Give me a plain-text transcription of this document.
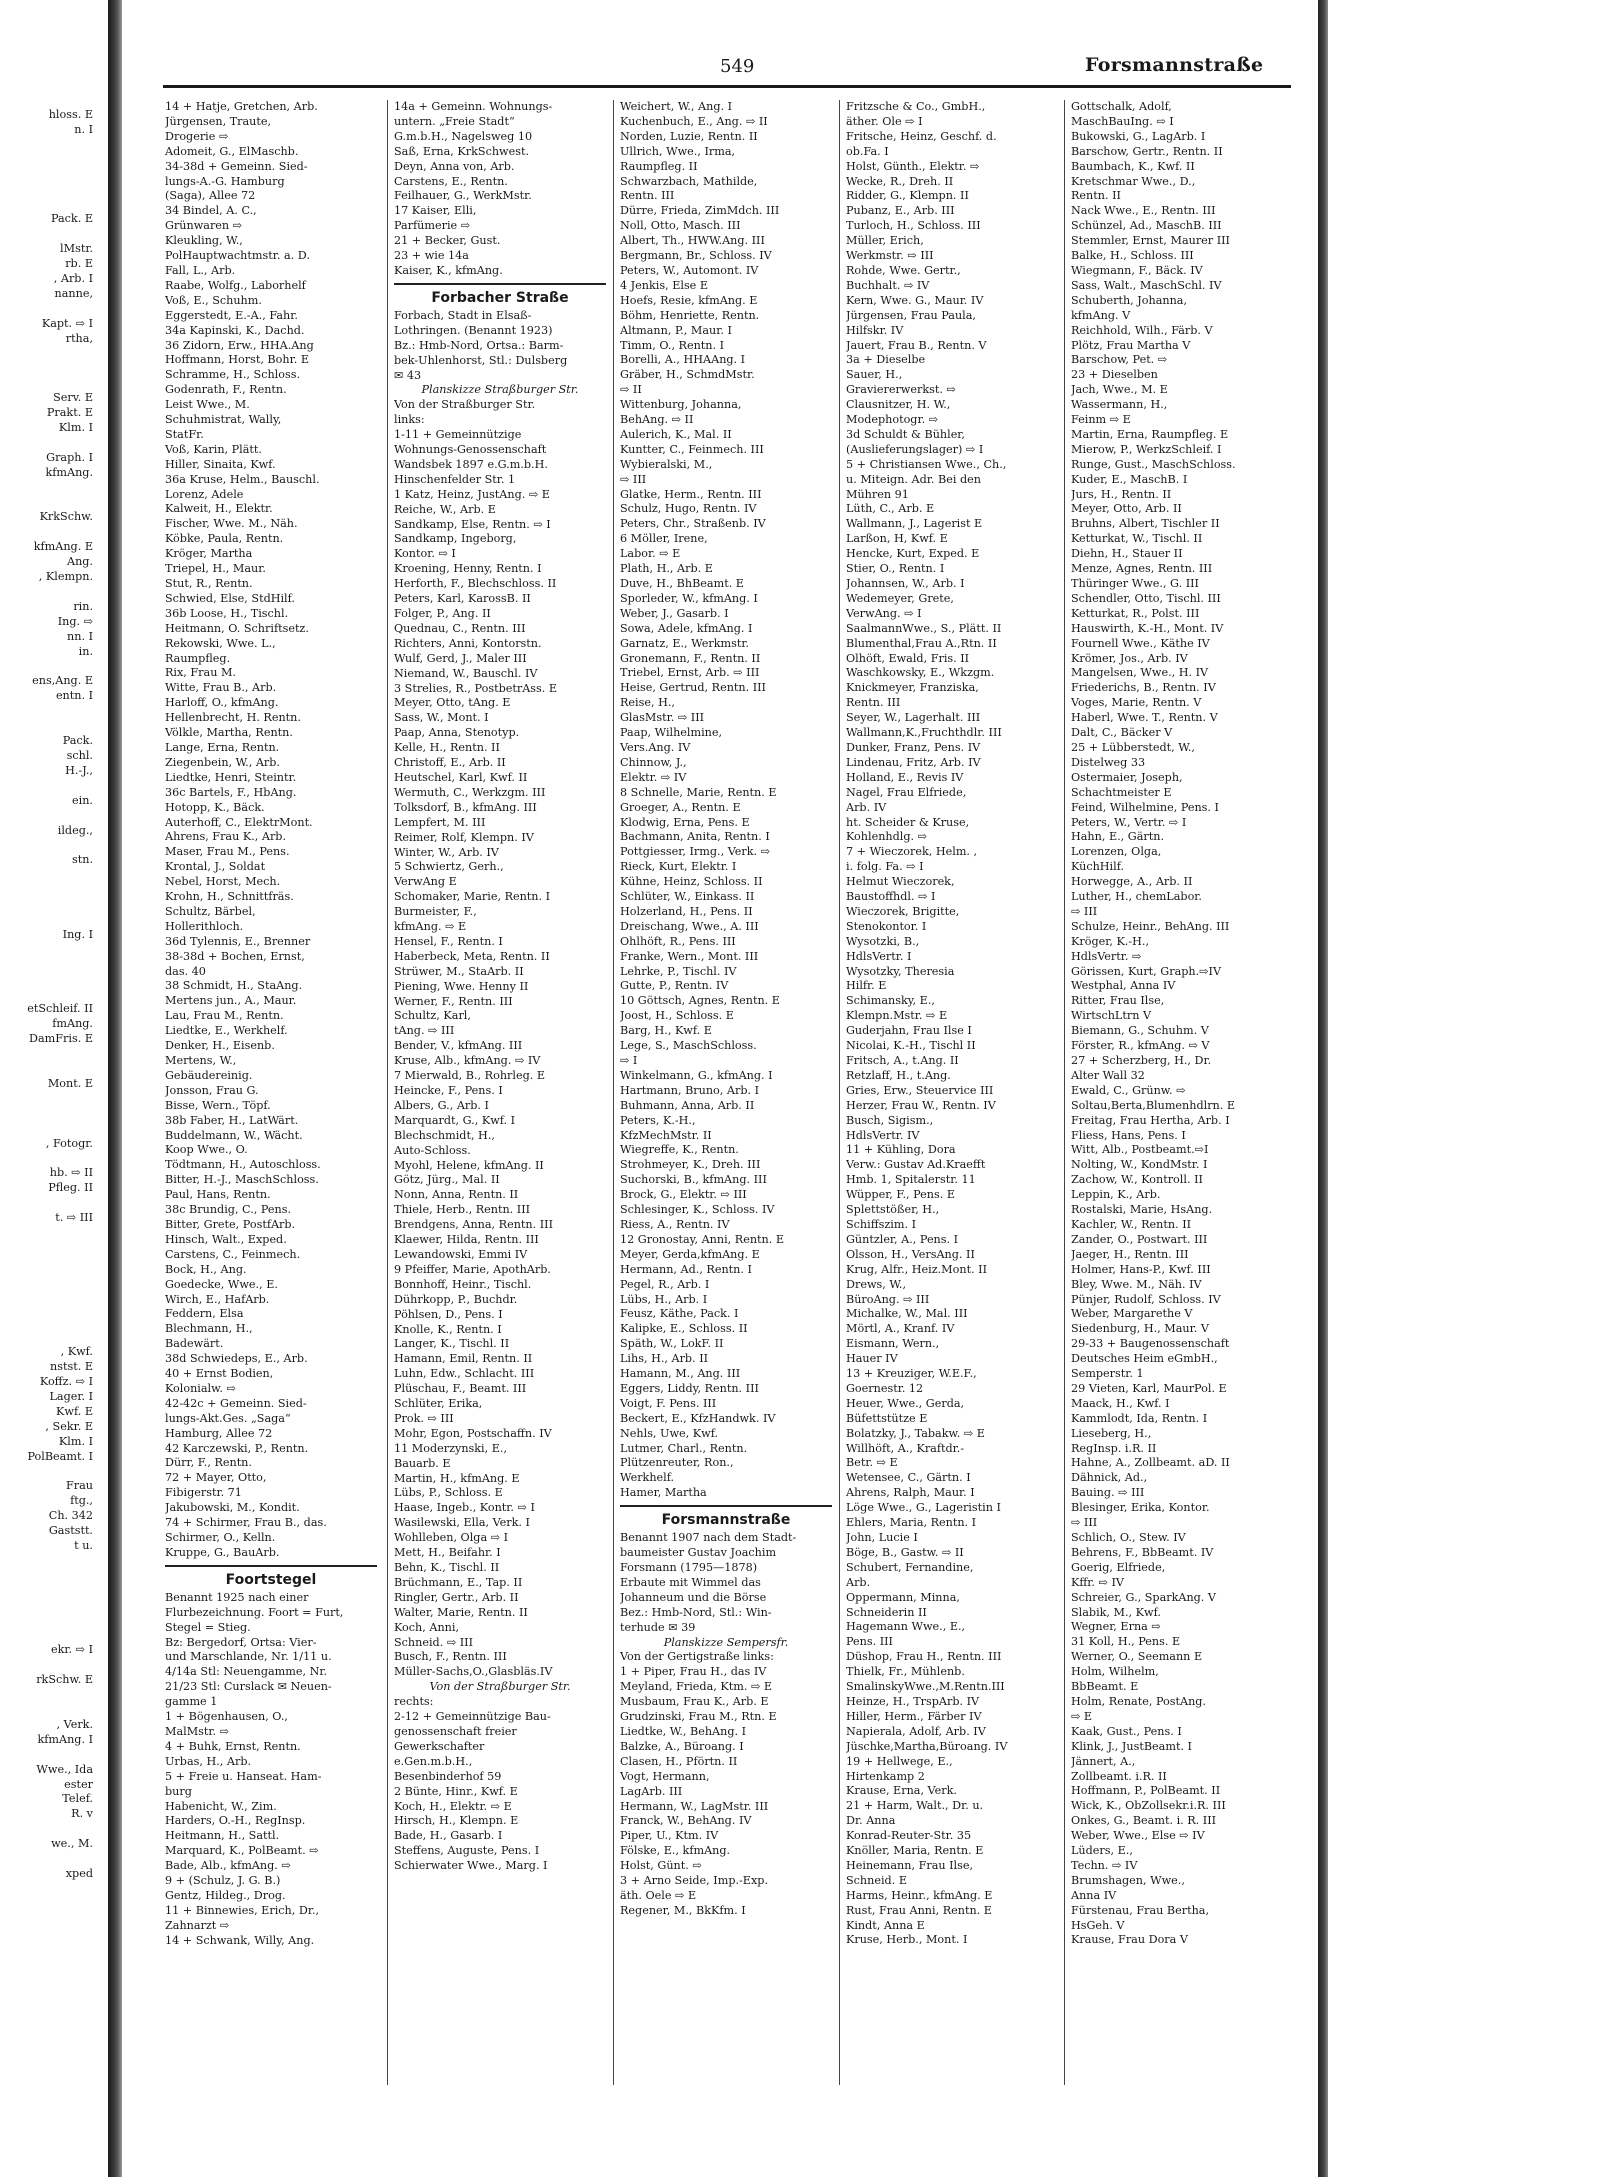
hloss. E
n. I

Pack. E

lMstr.
rb. E
, Arb. I
nanne,

Kapt. ⇨ I
rtha,

Serv. E
Prakt. E
Klm. I

Graph. I
kfmAng.

KrkSchw.

kfmAng. E
Ang.
, Klempn.

rin.
Ing. ⇨
nn. I
in.

ens,Ang. E
entn. I

Pack.
schl.
H.-J.,

ein.

ildeg.,

stn.

Ing. I

etSchleif. II
fmAng.
DamFris. E

Mont. E

, Fotogr.

hb. ⇨ II
Pfleg. II

t. ⇨ III

, Kwf.
nstst. E
Koffz. ⇨ I
Lager. I
Kwf. E
, Sekr. E
Klm. I
PolBeamt. I

Frau
ftg.,
Ch. 342
Gaststt.
t u.

ekr. ⇨ I

rkSchw. E

, Verk.
kfmAng. I

Wwe., Ida
ester
Telef.
R. v

we., M.

xped
549	Forsmannstraße
14 + Hatje, Gretchen, Arb.
Jürgensen, Traute,
Drogerie ⇨
Adomeit, G., ElMaschb.
34-38d + Gemeinn. Sied-
lungs-A.-G. Hamburg
(Saga), Allee 72
34 Bindel, A. C.,
Grünwaren ⇨
Kleukling, W.,
PolHauptwachtmstr. a. D.
Fall, L., Arb.
Raabe, Wolfg., Laborhelf
Voß, E., Schuhm.
Eggerstedt, E.-A., Fahr.
34a Kapinski, K., Dachd.
36 Zidorn, Erw., HHA.Ang
Hoffmann, Horst, Bohr. E
Schramme, H., Schloss.
Godenrath, F., Rentn.
Leist Wwe., M.
Schuhmistrat, Wally,
StatFr.
Voß, Karin, Plätt.
Hiller, Sinaita, Kwf.
36a Kruse, Helm., Bauschl.
Lorenz, Adele
Kalweit, H., Elektr.
Fischer, Wwe. M., Näh.
Köbke, Paula, Rentn.
Kröger, Martha
Triepel, H., Maur.
Stut, R., Rentn.
Schwied, Else, StdHilf.
36b Loose, H., Tischl.
Heitmann, O. Schriftsetz.
Rekowski, Wwe. L.,
Raumpfleg.
Rix, Frau M.
Witte, Frau B., Arb.
Harloff, O., kfmAng.
Hellenbrecht, H. Rentn.
Völkle, Martha, Rentn.
Lange, Erna, Rentn.
Ziegenbein, W., Arb.
Liedtke, Henri, Steintr.
36c Bartels, F., HbAng.
Hotopp, K., Bäck.
Auterhoff, C., ElektrMont.
Ahrens, Frau K., Arb.
Maser, Frau M., Pens.
Krontal, J., Soldat
Nebel, Horst, Mech.
Krohn, H., Schnittfräs.
Schultz, Bärbel,
Hollerithloch.
36d Tylennis, E., Brenner
38-38d + Bochen, Ernst,
das. 40
38 Schmidt, H., StaAng.
Mertens jun., A., Maur.
Lau, Frau M., Rentn.
Liedtke, E., Werkhelf.
Denker, H., Eisenb.
Mertens, W.,
Gebäudereinig.
Jonsson, Frau G.
Bisse, Wern., Töpf.
38b Faber, H., LatWärt.
Buddelmann, W., Wächt.
Koop Wwe., O.
Tödtmann, H., Autoschloss.
Bitter, H.-J., MaschSchloss.
Paul, Hans, Rentn.
38c Brundig, C., Pens.
Bitter, Grete, PostfArb.
Hinsch, Walt., Exped.
Carstens, C., Feinmech.
Bock, H., Ang.
Goedecke, Wwe., E.
Wirch, E., HafArb.
Feddern, Elsa
Blechmann, H.,
Badewärt.
38d Schwiedeps, E., Arb.
40 + Ernst Bodien,
Kolonialw. ⇨
42-42c + Gemeinn. Sied-
lungs-Akt.Ges. „Saga“
Hamburg, Allee 72
42 Karczewski, P., Rentn.
Dürr, F., Rentn.
72 + Mayer, Otto,
Fibigerstr. 71
Jakubowski, M., Kondit.
74 + Schirmer, Frau B., das.
Schirmer, O., Kelln.
Kruppe, G., BauArb.
Foortstegel
Benannt 1925 nach einer
Flurbezeichnung. Foort = Furt,
Stegel = Stieg.
Bz: Bergedorf, Ortsa: Vier-
und Marschlande, Nr. 1/11 u.
4/14a Stl: Neuengamme, Nr.
21/23 Stl: Curslack ✉ Neuen-
gamme 1
1 + Bögenhausen, O.,
MalMstr. ⇨
4 + Buhk, Ernst, Rentn.
Urbas, H., Arb.
5 + Freie u. Hanseat. Ham-
burg
Habenicht, W., Zim.
Harders, O.-H., RegInsp.
Heitmann, H., Sattl.
Marquard, K., PolBeamt. ⇨
Bade, Alb., kfmAng. ⇨
9 + (Schulz, J. G. B.)
Gentz, Hildeg., Drog.
11 + Binnewies, Erich, Dr.,
Zahnarzt ⇨
14 + Schwank, Willy, Ang.
14a + Gemeinn. Wohnungs-
untern. „Freie Stadt“
G.m.b.H., Nagelsweg 10
Saß, Erna, KrkSchwest.
Deyn, Anna von, Arb.
Carstens, E., Rentn.
Feilhauer, G., WerkMstr.
17 Kaiser, Elli,
Parfümerie ⇨
21 + Becker, Gust.
23 + wie 14a
Kaiser, K., kfmAng.
Forbacher Straße
Forbach, Stadt in Elsaß-
Lothringen. (Benannt 1923)
Bz.: Hmb-Nord, Ortsa.: Barm-
bek-Uhlenhorst, Stl.: Dulsberg
✉ 43
Planskizze Straßburger Str.
Von der Straßburger Str.
links:
1-11 + Gemeinnützige
Wohnungs-Genossenschaft
Wandsbek 1897 e.G.m.b.H.
Hinschenfelder Str. 1
1 Katz, Heinz, JustAng. ⇨ E
Reiche, W., Arb. E
Sandkamp, Else, Rentn. ⇨ I
Sandkamp, Ingeborg,
Kontor. ⇨ I
Kroening, Henny, Rentn. I
Herforth, F., Blechschloss. II
Peters, Karl, KarossB. II
Folger, P., Ang. II
Quednau, C., Rentn. III
Richters, Anni, Kontorstn.
Wulf, Gerd, J., Maler III
Niemand, W., Bauschl. IV
3 Strelies, R., PostbetrAss. E
Meyer, Otto, tAng. E
Sass, W., Mont. I
Paap, Anna, Stenotyp.
Kelle, H., Rentn. II
Christoff, E., Arb. II
Heutschel, Karl, Kwf. II
Wermuth, C., Werkzgm. III
Tolksdorf, B., kfmAng. III
Lempfert, M. III
Reimer, Rolf, Klempn. IV
Winter, W., Arb. IV
5 Schwiertz, Gerh.,
VerwAng E
Schomaker, Marie, Rentn. I
Burmeister, F.,
kfmAng. ⇨ E
Hensel, F., Rentn. I
Haberbeck, Meta, Rentn. II
Strüwer, M., StaArb. II
Piening, Wwe. Henny II
Werner, F., Rentn. III
Schultz, Karl,
tAng. ⇨ III
Bender, V., kfmAng. III
Kruse, Alb., kfmAng. ⇨ IV
7 Mierwald, B., Rohrleg. E
Heincke, F., Pens. I
Albers, G., Arb. I
Marquardt, G., Kwf. I
Blechschmidt, H.,
Auto-Schloss.
Myohl, Helene, kfmAng. II
Götz, Jürg., Mal. II
Nonn, Anna, Rentn. II
Thiele, Herb., Rentn. III
Brendgens, Anna, Rentn. III
Klaewer, Hilda, Rentn. III
Lewandowski, Emmi IV
9 Pfeiffer, Marie, ApothArb.
Bonnhoff, Heinr., Tischl.
Dührkopp, P., Buchdr.
Pöhlsen, D., Pens. I
Knolle, K., Rentn. I
Langer, K., Tischl. II
Hamann, Emil, Rentn. II
Luhn, Edw., Schlacht. III
Plüschau, F., Beamt. III
Schlüter, Erika,
Prok. ⇨ III
Mohr, Egon, Postschaffn. IV
11 Moderzynski, E.,
Bauarb. E
Martin, H., kfmAng. E
Lübs, P., Schloss. E
Haase, Ingeb., Kontr. ⇨ I
Wasilewski, Ella, Verk. I
Wohlleben, Olga ⇨ I
Mett, H., Beifahr. I
Behn, K., Tischl. II
Brüchmann, E., Tap. II
Ringler, Gertr., Arb. II
Walter, Marie, Rentn. II
Koch, Anni,
Schneid. ⇨ III
Busch, F., Rentn. III
Müller-Sachs,O.,Glasbläs.IV
Von der Straßburger Str.
rechts:
2-12 + Gemeinnützige Bau-
genossenschaft freier
Gewerkschafter
e.Gen.m.b.H.,
Besenbinderhof 59
2 Bünte, Hinr., Kwf. E
Koch, H., Elektr. ⇨ E
Hirsch, H., Klempn. E
Bade, H., Gasarb. I
Steffens, Auguste, Pens. I
Schierwater Wwe., Marg. I
Weichert, W., Ang. I
Kuchenbuch, E., Ang. ⇨ II
Norden, Luzie, Rentn. II
Ullrich, Wwe., Irma,
Raumpfleg. II
Schwarzbach, Mathilde,
Rentn. III
Dürre, Frieda, ZimMdch. III
Noll, Otto, Masch. III
Albert, Th., HWW.Ang. III
Bergmann, Br., Schloss. IV
Peters, W., Automont. IV
4 Jenkis, Else E
Hoefs, Resie, kfmAng. E
Böhm, Henriette, Rentn.
Altmann, P., Maur. I
Timm, O., Rentn. I
Borelli, A., HHAAng. I
Gräber, H., SchmdMstr.
⇨ II
Wittenburg, Johanna,
BehAng. ⇨ II
Aulerich, K., Mal. II
Kuntter, C., Feinmech. III
Wybieralski, M.,
⇨ III
Glatke, Herm., Rentn. III
Schulz, Hugo, Rentn. IV
Peters, Chr., Straßenb. IV
6 Möller, Irene,
Labor. ⇨ E
Plath, H., Arb. E
Duve, H., BhBeamt. E
Sporleder, W., kfmAng. I
Weber, J., Gasarb. I
Sowa, Adele, kfmAng. I
Garnatz, E., Werkmstr.
Gronemann, F., Rentn. II
Triebel, Ernst, Arb. ⇨ III
Heise, Gertrud, Rentn. III
Reise, H.,
GlasMstr. ⇨ III
Paap, Wilhelmine,
Vers.Ang. IV
Chinnow, J.,
Elektr. ⇨ IV
8 Schnelle, Marie, Rentn. E
Groeger, A., Rentn. E
Klodwig, Erna, Pens. E
Bachmann, Anita, Rentn. I
Pottgiesser, Irmg., Verk. ⇨
Rieck, Kurt, Elektr. I
Kühne, Heinz, Schloss. II
Schlüter, W., Einkass. II
Holzerland, H., Pens. II
Dreischang, Wwe., A. III
Ohlhöft, R., Pens. III
Franke, Wern., Mont. III
Lehrke, P., Tischl. IV
Gutte, P., Rentn. IV
10 Göttsch, Agnes, Rentn. E
Joost, H., Schloss. E
Barg, H., Kwf. E
Lege, S., MaschSchloss.
⇨ I
Winkelmann, G., kfmAng. I
Hartmann, Bruno, Arb. I
Buhmann, Anna, Arb. II
Peters, K.-H.,
KfzMechMstr. II
Wiegreffe, K., Rentn.
Strohmeyer, K., Dreh. III
Suchorski, B., kfmAng. III
Brock, G., Elektr. ⇨ III
Schlesinger, K., Schloss. IV
Riess, A., Rentn. IV
12 Gronostay, Anni, Rentn. E
Meyer, Gerda,kfmAng. E
Hermann, Ad., Rentn. I
Pegel, R., Arb. I
Lübs, H., Arb. I
Feusz, Käthe, Pack. I
Kalipke, E., Schloss. II
Späth, W., LokF. II
Lihs, H., Arb. II
Hamann, M., Ang. III
Eggers, Liddy, Rentn. III
Voigt, F. Pens. III
Beckert, E., KfzHandwk. IV
Nehls, Uwe, Kwf.
Lutmer, Charl., Rentn.
Plützenreuter, Ron.,
Werkhelf.
Hamer, Martha
Forsmannstraße
Benannt 1907 nach dem Stadt-
baumeister Gustav Joachim
Forsmann (1795—1878)
Erbaute mit Wimmel das
Johanneum und die Börse
Bez.: Hmb-Nord, Stl.: Win-
terhude ✉ 39
Planskizze Sempersfr.
Von der Gertigstraße links:
1 + Piper, Frau H., das IV
Meyland, Frieda, Ktm. ⇨ E
Musbaum, Frau K., Arb. E
Grudzinski, Frau M., Rtn. E
Liedtke, W., BehAng. I
Balzke, A., Büroang. I
Clasen, H., Pförtn. II
Vogt, Hermann,
LagArb. III
Hermann, W., LagMstr. III
Franck, W., BehAng. IV
Piper, U., Ktm. IV
Fölske, E., kfmAng.
Holst, Günt. ⇨
3 + Arno Seide, Imp.-Exp.
äth. Oele ⇨ E
Regener, M., BkKfm. I
Fritzsche & Co., GmbH.,
äther. Ole ⇨ I
Fritsche, Heinz, Geschf. d.
ob.Fa. I
Holst, Günth., Elektr. ⇨
Wecke, R., Dreh. II
Ridder, G., Klempn. II
Pubanz, E., Arb. III
Turloch, H., Schloss. III
Müller, Erich,
Werkmstr. ⇨ III
Rohde, Wwe. Gertr.,
Buchhalt. ⇨ IV
Kern, Wwe. G., Maur. IV
Jürgensen, Frau Paula,
Hilfskr. IV
Jauert, Frau B., Rentn. V
3a + Dieselbe
Sauer, H.,
Graviererwerkst. ⇨
Clausnitzer, H. W.,
Modephotogr. ⇨
3d Schuldt & Bühler,
(Auslieferungslager) ⇨ I
5 + Christiansen Wwe., Ch.,
u. Miteign. Adr. Bei den
Mühren 91
Lüth, C., Arb. E
Wallmann, J., Lagerist E
Larßon, H, Kwf. E
Hencke, Kurt, Exped. E
Stier, O., Rentn. I
Johannsen, W., Arb. I
Wedemeyer, Grete,
VerwAng. ⇨ I
SaalmannWwe., S., Plätt. II
Blumenthal,Frau A.,Rtn. II
Olhöft, Ewald, Fris. II
Waschkowsky, E., Wkzgm.
Knickmeyer, Franziska,
Rentn. III
Seyer, W., Lagerhalt. III
Wallmann,K.,Fruchthdlr. III
Dunker, Franz, Pens. IV
Lindenau, Fritz, Arb. IV
Holland, E., Revis IV
Nagel, Frau Elfriede,
Arb. IV
ht. Scheider & Kruse,
Kohlenhdlg. ⇨
7 + Wieczorek, Helm. ,
i. folg. Fa. ⇨ I
Helmut Wieczorek,
Baustoffhdl. ⇨ I
Wieczorek, Brigitte,
Stenokontor. I
Wysotzki, B.,
HdlsVertr. I
Wysotzky, Theresia
Hilfr. E
Schimansky, E.,
Klempn.Mstr. ⇨ E
Guderjahn, Frau Ilse I
Nicolai, K.-H., Tischl II
Fritsch, A., t.Ang. II
Retzlaff, H., t.Ang.
Gries, Erw., Steuervice III
Herzer, Frau W., Rentn. IV
Busch, Sigism.,
HdlsVertr. IV
11 + Kühling, Dora
Verw.: Gustav Ad.Kraefft
Hmb. 1, Spitalerstr. 11
Wüpper, F., Pens. E
Splettstößer, H.,
Schiffszim. I
Güntzler, A., Pens. I
Olsson, H., VersAng. II
Krug, Alfr., Heiz.Mont. II
Drews, W.,
BüroAng. ⇨ III
Michalke, W., Mal. III
Mörtl, A., Kranf. IV
Eismann, Wern.,
Hauer IV
13 + Kreuziger, W.E.F.,
Goernestr. 12
Heuer, Wwe., Gerda,
Büfettstütze E
Bolatzky, J., Tabakw. ⇨ E
Willhöft, A., Kraftdr.-
Betr. ⇨ E
Wetensee, C., Gärtn. I
Ahrens, Ralph, Maur. I
Löge Wwe., G., Lageristin I
Ehlers, Maria, Rentn. I
John, Lucie I
Böge, B., Gastw. ⇨ II
Schubert, Fernandine,
Arb.
Oppermann, Minna,
Schneiderin II
Hagemann Wwe., E.,
Pens. III
Düshop, Frau H., Rentn. III
Thielk, Fr., Mühlenb.
SmalinskyWwe.,M.Rentn.III
Heinze, H., TrspArb. IV
Hiller, Herm., Färber IV
Napierala, Adolf, Arb. IV
Jüschke,Martha,Büroang. IV
19 + Hellwege, E.,
Hirtenkamp 2
Krause, Erna, Verk.
21 + Harm, Walt., Dr. u.
Dr. Anna
Konrad-Reuter-Str. 35
Knöller, Maria, Rentn. E
Heinemann, Frau Ilse,
Schneid. E
Harms, Heinr., kfmAng. E
Rust, Frau Anni, Rentn. E
Kindt, Anna E
Kruse, Herb., Mont. I
Gottschalk, Adolf,
MaschBauIng. ⇨ I
Bukowski, G., LagArb. I
Barschow, Gertr., Rentn. II
Baumbach, K., Kwf. II
Kretschmar Wwe., D.,
Rentn. II
Nack Wwe., E., Rentn. III
Schünzel, Ad., MaschB. III
Stemmler, Ernst, Maurer III
Balke, H., Schloss. III
Wiegmann, F., Bäck. IV
Sass, Walt., MaschSchl. IV
Schuberth, Johanna,
kfmAng. V
Reichhold, Wilh., Färb. V
Plötz, Frau Martha V
Barschow, Pet. ⇨
23 + Dieselben
Jach, Wwe., M. E
Wassermann, H.,
Feinm ⇨ E
Martin, Erna, Raumpfleg. E
Mierow, P., WerkzSchleif. I
Runge, Gust., MaschSchloss.
Kuder, E., MaschB. I
Jurs, H., Rentn. II
Meyer, Otto, Arb. II
Bruhns, Albert, Tischler II
Ketturkat, W., Tischl. II
Diehn, H., Stauer II
Menze, Agnes, Rentn. III
Thüringer Wwe., G. III
Schendler, Otto, Tischl. III
Ketturkat, R., Polst. III
Hauswirth, K.-H., Mont. IV
Fournell Wwe., Käthe IV
Krömer, Jos., Arb. IV
Mangelsen, Wwe., H. IV
Friederichs, B., Rentn. IV
Voges, Marie, Rentn. V
Haberl, Wwe. T., Rentn. V
Dalt, C., Bäcker V
25 + Lübberstedt, W.,
Distelweg 33
Ostermaier, Joseph,
Schachtmeister E
Feind, Wilhelmine, Pens. I
Peters, W., Vertr. ⇨ I
Hahn, E., Gärtn.
Lorenzen, Olga,
KüchHilf.
Horwegge, A., Arb. II
Luther, H., chemLabor.
⇨ III
Schulze, Heinr., BehAng. III
Kröger, K.-H.,
HdlsVertr. ⇨
Görissen, Kurt, Graph.⇨IV
Westphal, Anna IV
Ritter, Frau Ilse,
WirtschLtrn V
Biemann, G., Schuhm. V
Förster, R., kfmAng. ⇨ V
27 + Scherzberg, H., Dr.
Alter Wall 32
Ewald, C., Grünw. ⇨
Soltau,Berta,Blumenhdlrn. E
Freitag, Frau Hertha, Arb. I
Fliess, Hans, Pens. I
Witt, Alb., Postbeamt.⇨I
Nolting, W., KondMstr. I
Zachow, W., Kontroll. II
Leppin, K., Arb.
Rostalski, Marie, HsAng.
Kachler, W., Rentn. II
Zander, O., Postwart. III
Jaeger, H., Rentn. III
Holmer, Hans-P., Kwf. III
Bley, Wwe. M., Näh. IV
Pünjer, Rudolf, Schloss. IV
Weber, Margarethe V
Siedenburg, H., Maur. V
29-33 + Baugenossenschaft
Deutsches Heim eGmbH.,
Semperstr. 1
29 Vieten, Karl, MaurPol. E
Maack, H., Kwf. I
Kammlodt, Ida, Rentn. I
Lieseberg, H.,
RegInsp. i.R. II
Hahne, A., Zollbeamt. aD. II
Dähnick, Ad.,
Bauing. ⇨ III
Blesinger, Erika, Kontor.
⇨ III
Schlich, O., Stew. IV
Behrens, F., BbBeamt. IV
Goerig, Elfriede,
Kffr. ⇨ IV
Schreier, G., SparkAng. V
Slabik, M., Kwf.
Wegner, Erna ⇨
31 Koll, H., Pens. E
Werner, O., Seemann E
Holm, Wilhelm,
BbBeamt. E
Holm, Renate, PostAng.
⇨ E
Kaak, Gust., Pens. I
Klink, J., JustBeamt. I
Jännert, A.,
Zollbeamt. i.R. II
Hoffmann, P., PolBeamt. II
Wick, K., ObZollsekr.i.R. III
Onkes, G., Beamt. i. R. III
Weber, Wwe., Else ⇨ IV
Lüders, E.,
Techn. ⇨ IV
Brumshagen, Wwe.,
Anna IV
Fürstenau, Frau Bertha,
HsGeh. V
Krause, Frau Dora V
